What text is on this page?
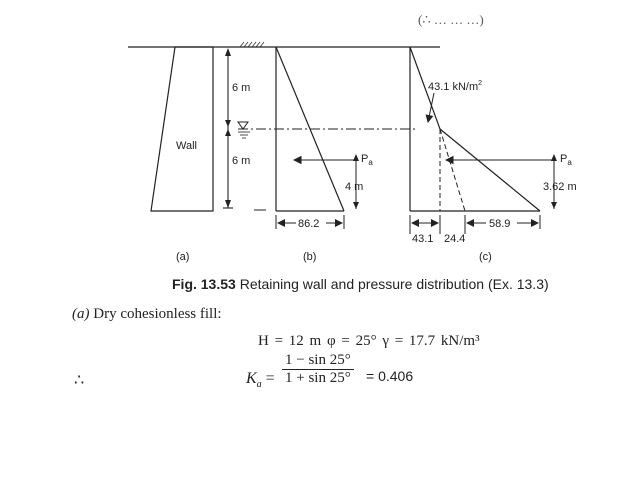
(∴ … … …)
Wall
6 m
6 m	$P_a$
4 m
86.2
43.1 $kN/m^2$
$P_a$
3.62 m
58.9
43.1 24.4
(a)	(b)	(c)
Fig. 13.53 Retaining wall and pressure distribution (Ex. 13.3)
(a) Dry cohesionless fill:
H = 12 m φ = 25° γ = 17.7 kN/m³
∴	$K_a = \frac{1 - \sin 25^\circ}{1 + \sin 25^\circ} = 0.406$
